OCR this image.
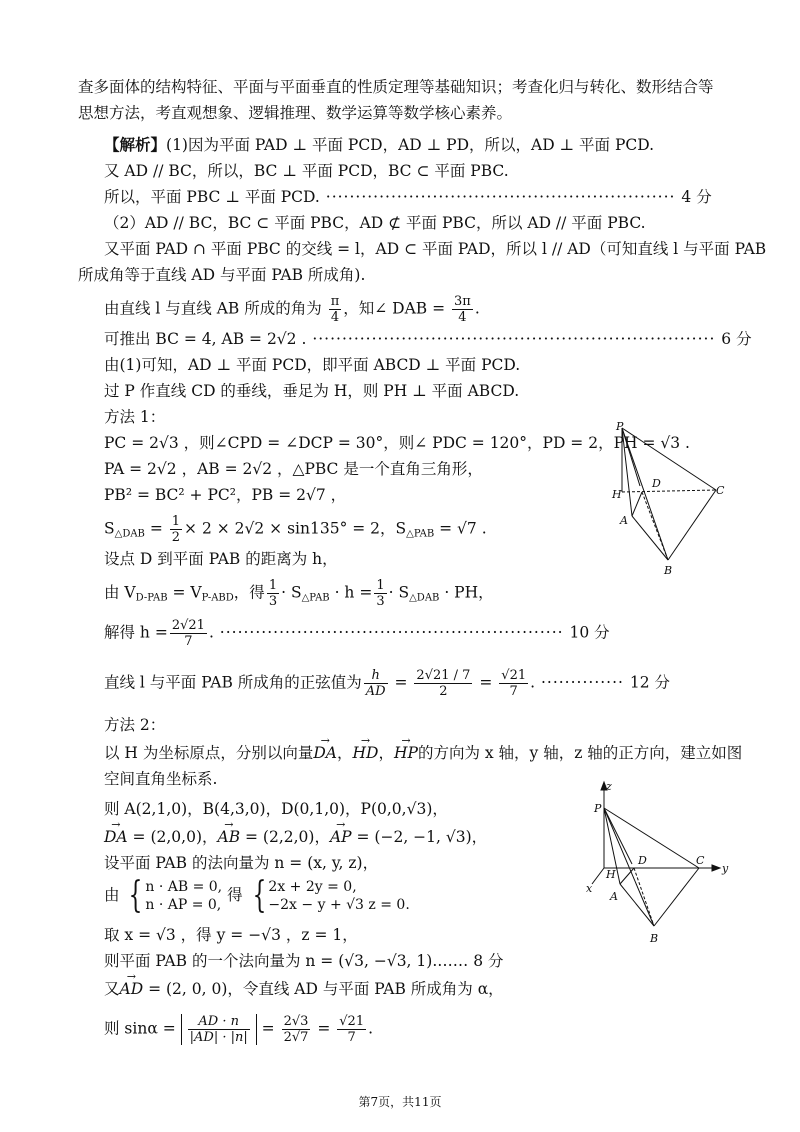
查多面体的结构特征、平面与平面垂直的性质定理等基础知识；考查化归与转化、数形结合等
思想方法，考直观想象、逻辑推理、数学运算等数学核心素养。
【解析】(1)因为平面 PAD ⊥ 平面 PCD，AD ⊥ PD，所以，AD ⊥ 平面 PCD.
又 AD // BC，所以，BC ⊥ 平面 PCD，BC ⊂ 平面 PBC.
所以，平面 PBC ⊥ 平面 PCD. ··························································· 4 分
（2）AD // BC，BC ⊂ 平面 PBC，AD ⊄ 平面 PBC，所以 AD // 平面 PBC.
又平面 PAD ∩ 平面 PBC 的交线 = l，AD ⊂ 平面 PAD，所以 l // AD（可知直线 l 与平面 PAB
所成角等于直线 AD 与平面 PAB 所成角).
由直线 l 与直线 AB 所成的角为 $\frac{\pi}{4}$ ，知∠ DAB = $\frac{3\pi}{4}$ .
可推出 BC = 4, AB = 2√2 . ···································································· 6 分
由(1)可知，AD ⊥ 平面 PCD，即平面 ABCD ⊥ 平面 PCD.
过 P 作直线 CD 的垂线，垂足为 H，则 PH ⊥ 平面 ABCD.
方法 1：
PC = 2√3 ，则∠CPD = ∠DCP = 30°，则∠ PDC = 120°，PD = 2，PH = √3 .
PA = 2√2 ，AB = 2√2 ，△PBC 是一个直角三角形，
PB² = BC² + PC²，PB = 2√7 ，
$S_{\triangle DAB} = \frac{1}{2} \times 2 \times 2√2 \times \sin 135^\circ = 2$，$S_{\triangle PAB} = √7$ .
设点 D 到平面 PAB 的距离为 h，
由 $V_{D-PAB} = V_{P-ABD}$，得 $\frac{1}{3} \cdot S_{\triangle PAB} \cdot h = \frac{1}{3} \cdot S_{\triangle DAB}$ · PH，
解得 $h = \frac{2√21}{7}$ . ·························································· 10 分
直线 l 与平面 PAB 所成角的正弦值为 $\frac{h}{AD} = \frac{2√21 / 7}{2} = \frac{√21}{7}$ . ·············· 12 分
方法 2：
以 H 为坐标原点，分别以向量→ DA，→ HD，→ HP的方向为 x 轴，y 轴，z 轴的正方向，建立如图
空间直角坐标系.
则 A(2,1,0)，B(4,3,0)，D(0,1,0)，P(0,0,√3)，
→ DA = (2,0,0)，→ AB = (2,2,0)，→ AP = (−2, −1, √3)，
设平面 PAB 的法向量为 n = (x, y, z)，
由 { n · AB = 0,
n · AP = 0,
得 { 2x + 2y = 0,
−2x − y + √3 z = 0.
取 x = √3 ，得 y = −√3 ，z = 1，
则平面 PAB 的一个法向量为 n = (√3, −√3, 1).…… 8 分
又→ AD = (2, 0, 0)，令直线 AD 与平面 PAB 所成角为 α，
则 $\sin\alpha = \frac{AD \cdot n}{|AD| \cdot |n|} = \frac{2√3}{2√7} = \frac{√21}{7}$ .
P
H
D
C
A
B
z
P
H
D	C
A
B
x
y
第7页，共11页
